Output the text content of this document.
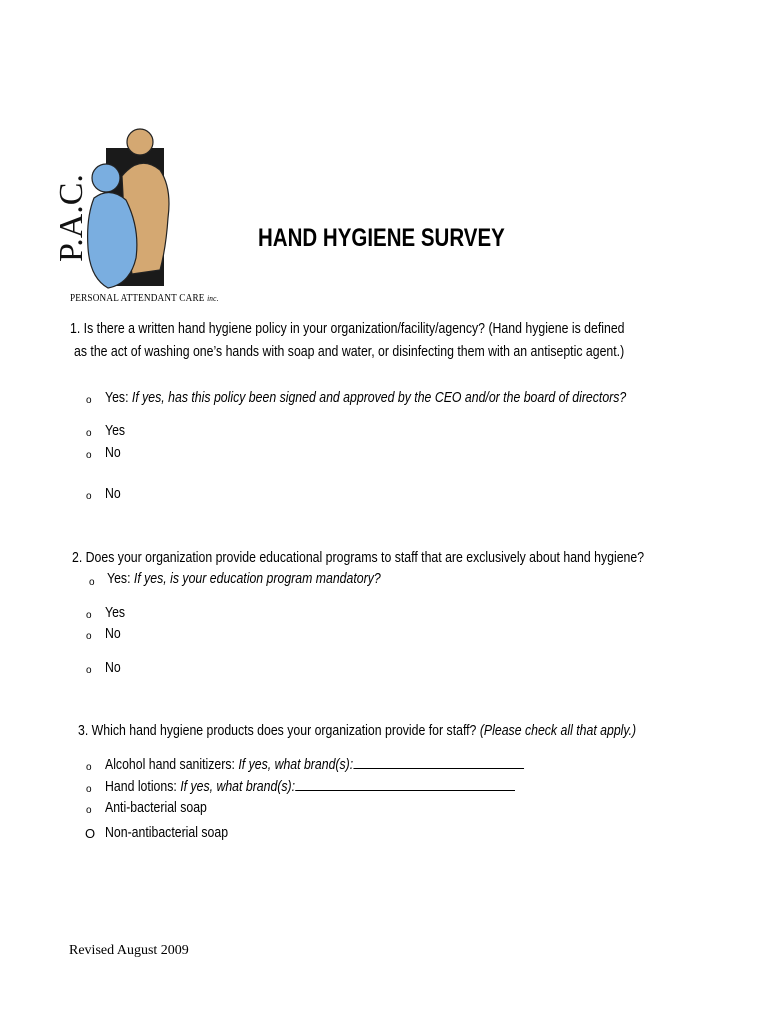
P.A.C.
PERSONAL ATTENDANT CARE inc.
HAND HYGIENE SURVEY
1. Is there a written hand hygiene policy in your organization/facility/agency? (Hand hygiene is defined
as the act of washing one’s hands with soap and water, or disinfecting them with an antiseptic agent.)
o Yes: If yes, has this policy been signed and approved by the CEO and/or the board of directors?
o Yes
o No
o No
2. Does your organization provide educational programs to staff that are exclusively about hand hygiene?
o Yes: If yes, is your education program mandatory?
o Yes
o No
o No
3. Which hand hygiene products does your organization provide for staff? (Please check all that apply.)
o Alcohol hand sanitizers: If yes, what brand(s):
o Hand lotions: If yes, what brand(s):
o Anti-bacterial soap
O Non-antibacterial soap
Revised August 2009
